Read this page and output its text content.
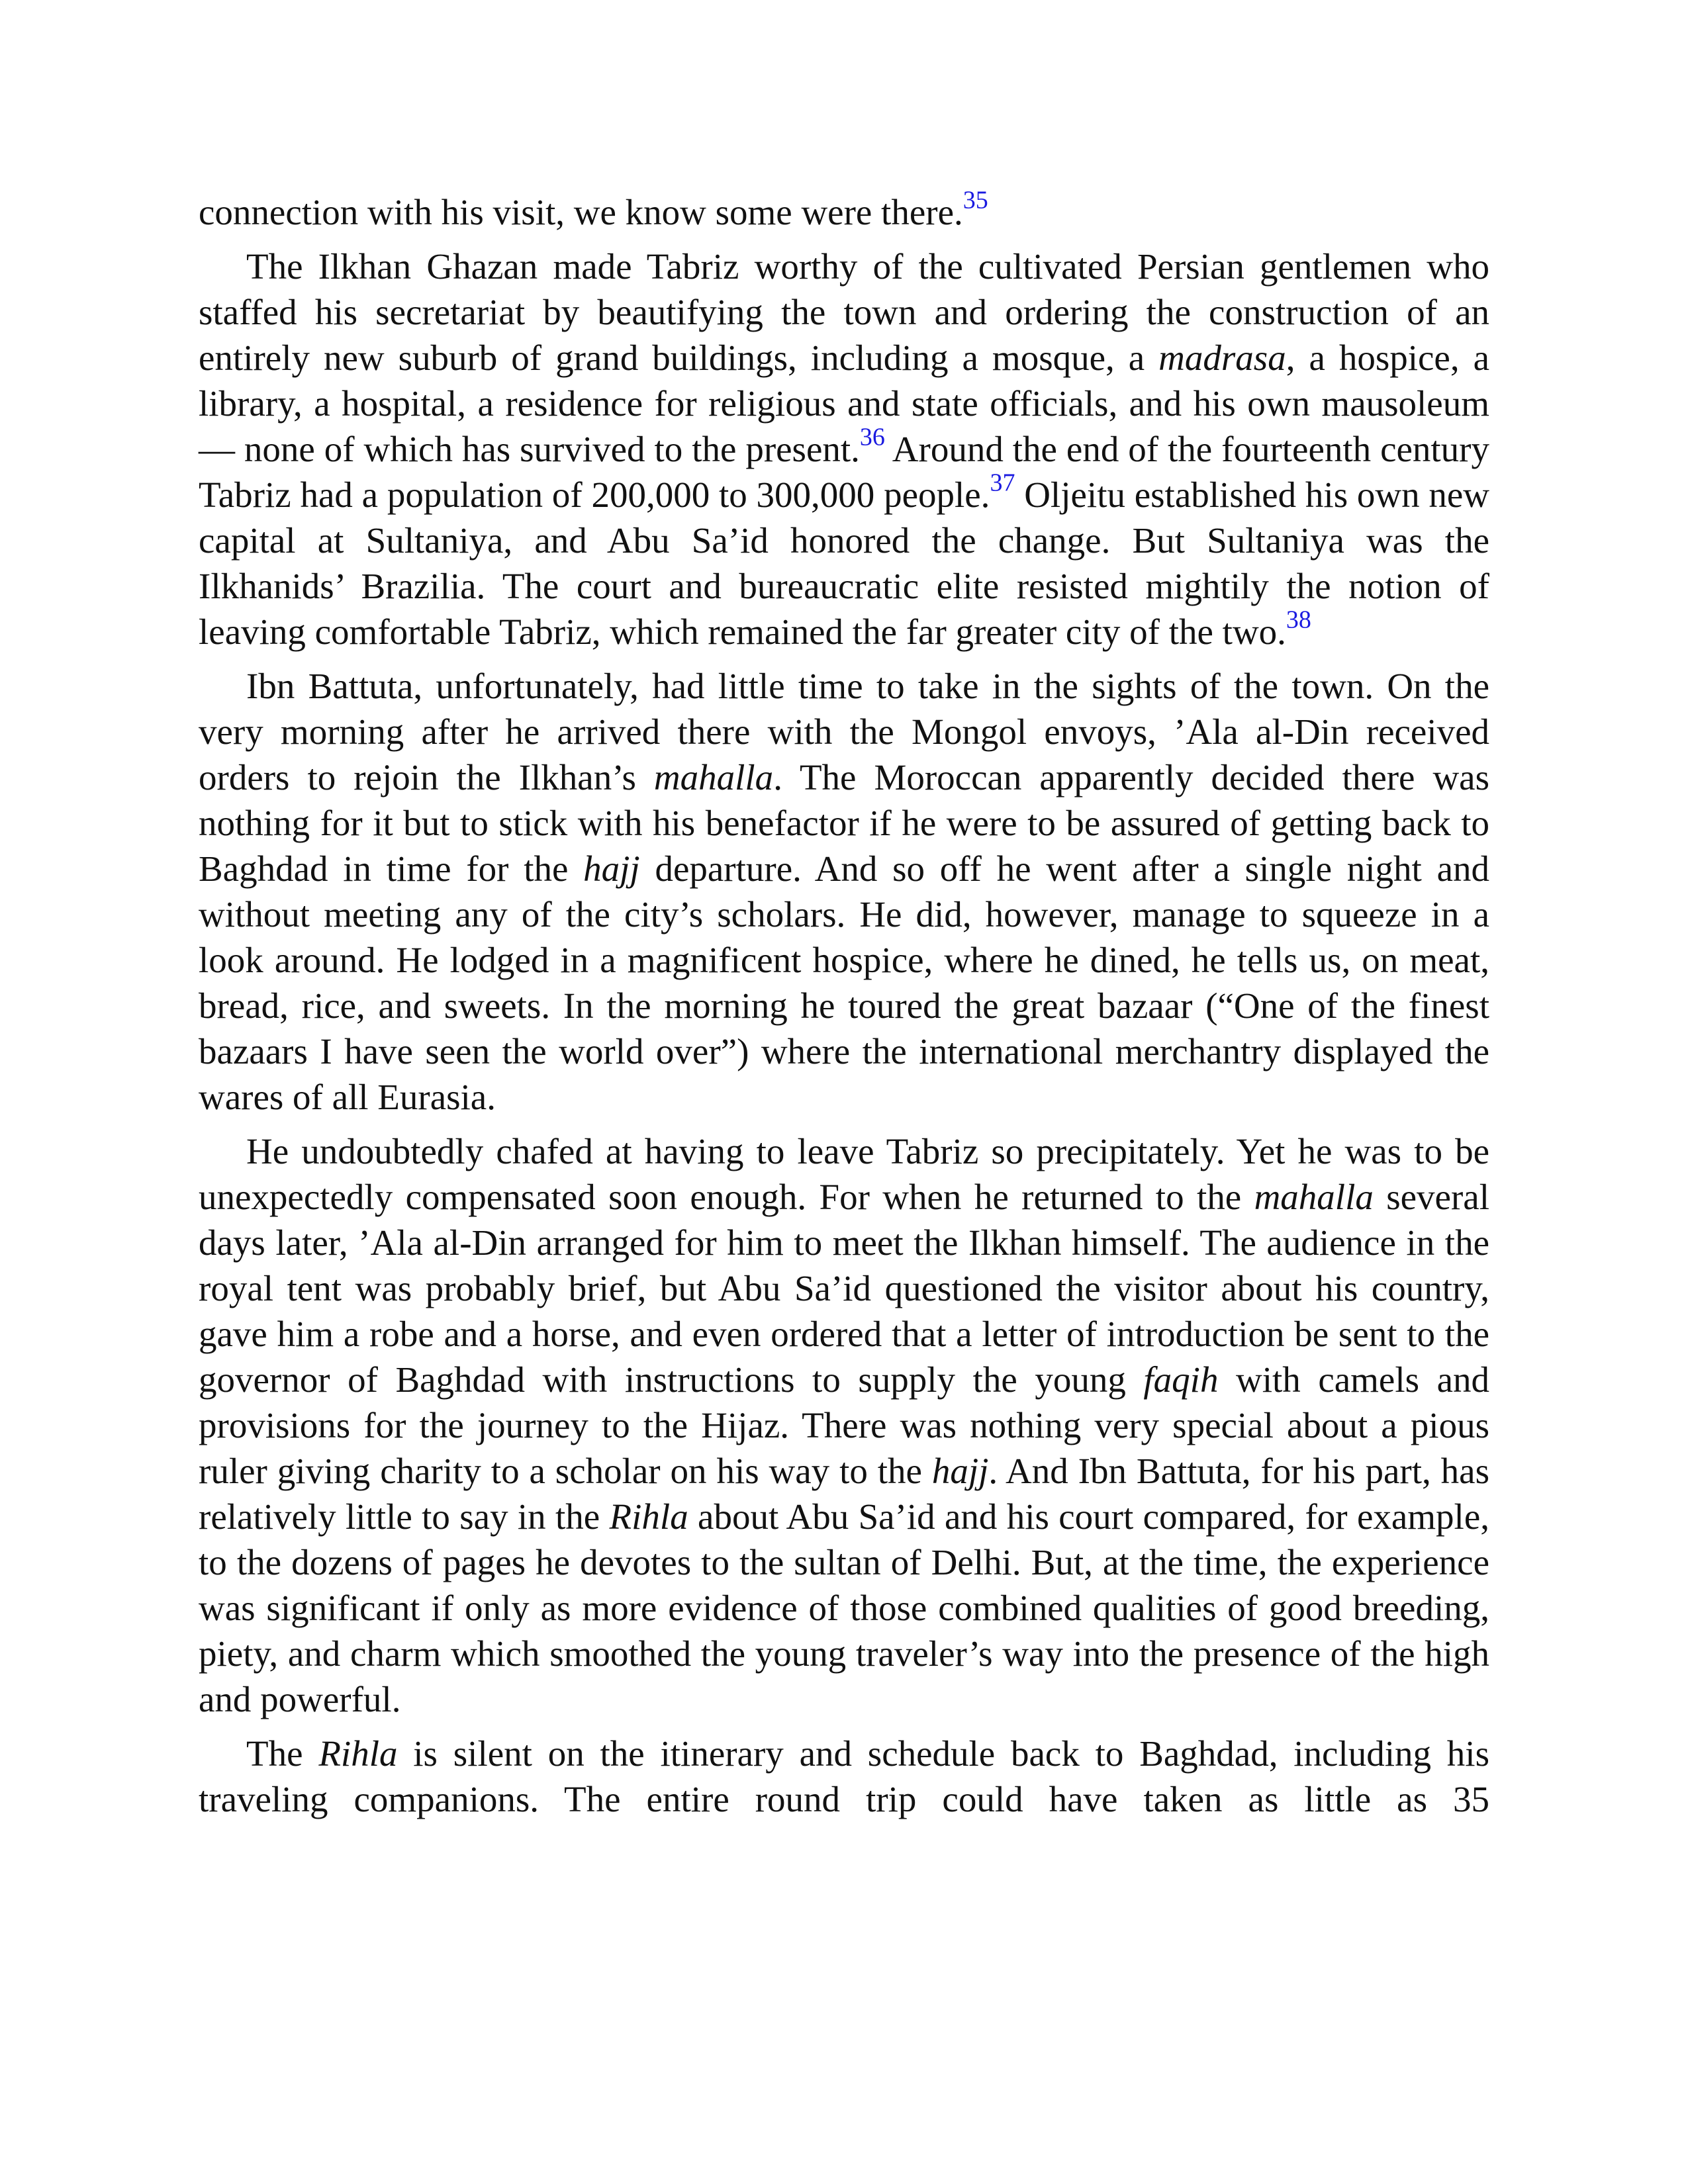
connection with his visit, we know some were there.$^{35}$

The Ilkhan Ghazan made Tabriz worthy of the cultivated Persian gentlemen who staffed his secretariat by beautifying the town and ordering the construction of an entirely new suburb of grand buildings, including a mosque, a madrasa, a hospice, a library, a hospital, a residence for religious and state officials, and his own mausoleum — none of which has survived to the present.$^{36}$ Around the end of the fourteenth century Tabriz had a population of 200,000 to 300,000 people.$^{37}$ Oljeitu established his own new capital at Sultaniya, and Abu Sa’id honored the change. But Sultaniya was the Ilkhanids’ Brazilia. The court and bureaucratic elite resisted mightily the notion of leaving comfortable Tabriz, which remained the far greater city of the two.$^{38}$

Ibn Battuta, unfortunately, had little time to take in the sights of the town. On the very morning after he arrived there with the Mongol envoys, ’Ala al-Din received orders to rejoin the Ilkhan’s mahalla. The Moroccan apparently decided there was nothing for it but to stick with his benefactor if he were to be assured of getting back to Baghdad in time for the hajj departure. And so off he went after a single night and without meeting any of the city’s scholars. He did, however, manage to squeeze in a look around. He lodged in a magnificent hospice, where he dined, he tells us, on meat, bread, rice, and sweets. In the morning he toured the great bazaar (“One of the finest bazaars I have seen the world over”) where the international merchantry displayed the wares of all Eurasia.

He undoubtedly chafed at having to leave Tabriz so precipitately. Yet he was to be unexpectedly compensated soon enough. For when he returned to the mahalla several days later, ’Ala al-Din arranged for him to meet the Ilkhan himself. The audience in the royal tent was probably brief, but Abu Sa’id questioned the visitor about his country, gave him a robe and a horse, and even ordered that a letter of introduction be sent to the governor of Baghdad with instructions to supply the young faqih with camels and provisions for the journey to the Hijaz. There was nothing very special about a pious ruler giving charity to a scholar on his way to the hajj. And Ibn Battuta, for his part, has relatively little to say in the Rihla about Abu Sa’id and his court compared, for example, to the dozens of pages he devotes to the sultan of Delhi. But, at the time, the experience was significant if only as more evidence of those combined qualities of good breeding, piety, and charm which smoothed the young traveler’s way into the presence of the high and powerful.

The Rihla is silent on the itinerary and schedule back to Baghdad, including his traveling companions. The entire round trip could have taken as little as 35
